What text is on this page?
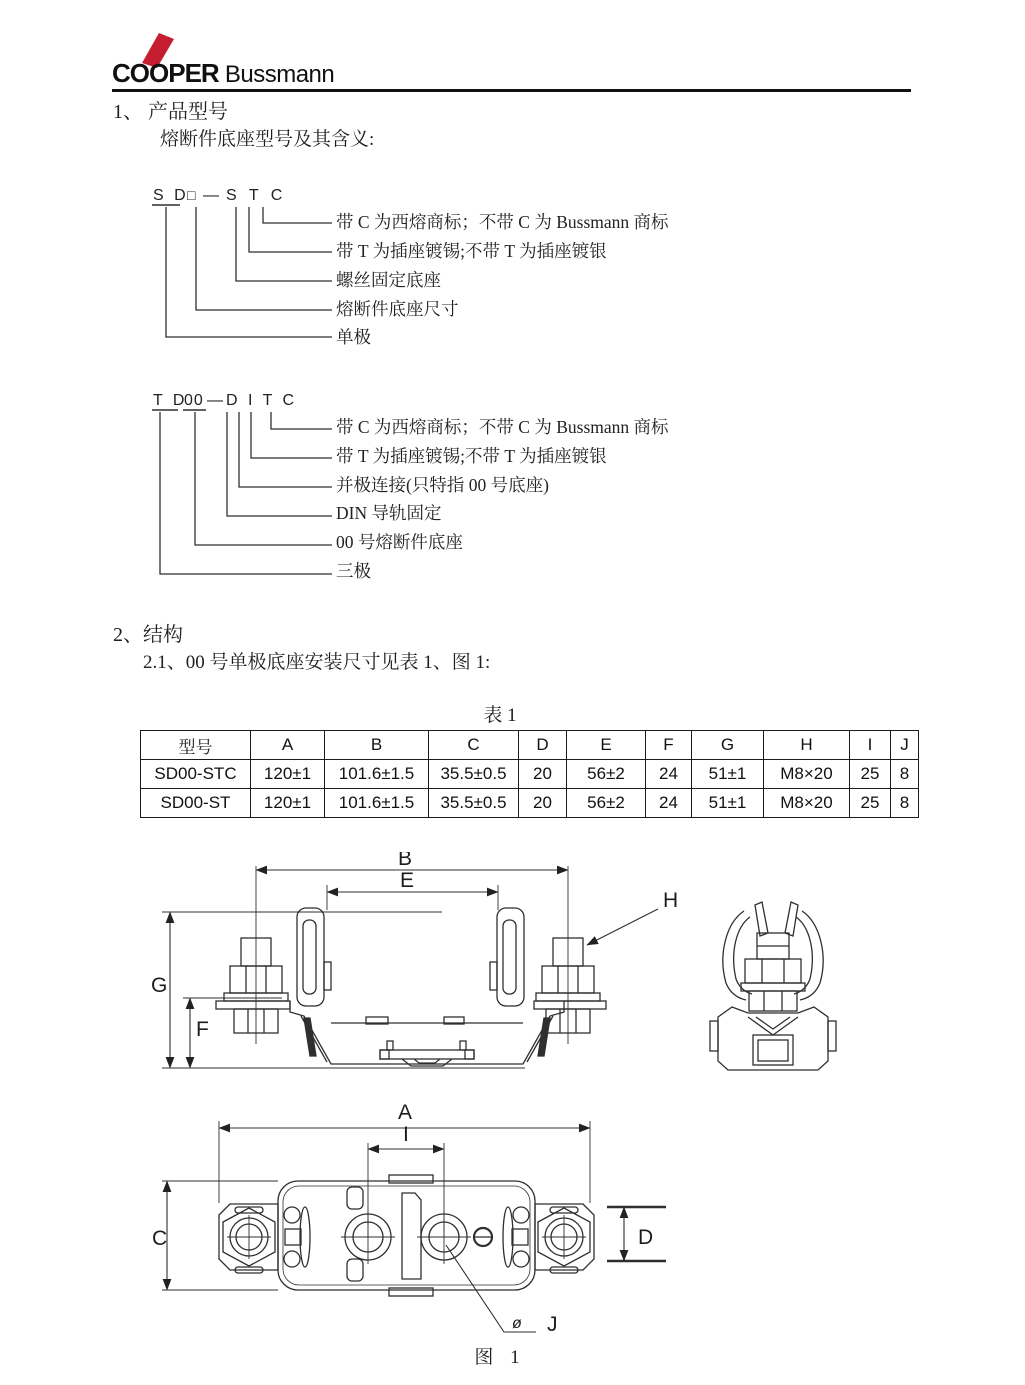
COOPER Bussmann
1、 产品型号
熔断件底座型号及其含义:
S D
□ — S T C
带 C 为西熔商标；不带 C 为 Bussmann 商标
带 T 为插座镀锡;不带 T 为插座镀银
螺丝固定底座
熔断件底座尺寸
单极
T D
00 — D I T C
带 C 为西熔商标；不带 C 为 Bussmann 商标
带 T 为插座镀锡;不带 T 为插座镀银
并极连接(只特指 00 号底座)
DIN 导轨固定
00 号熔断件底座
三极
2、结构
2.1、00 号单极底座安装尺寸见表 1、图 1:
表 1
型号	A	B	C	D	E	F	G	H	I	J
SD00-STC	120±1	101.6±1.5	35.5±0.5	20	56±2	24	51±1	M8×20	25	8
SD00-ST	120±1	101.6±1.5	35.5±0.5	20	56±2	24	51±1	M8×20	25	8
B
E
G
F
H
A
I
C	D
ø J
图 1
